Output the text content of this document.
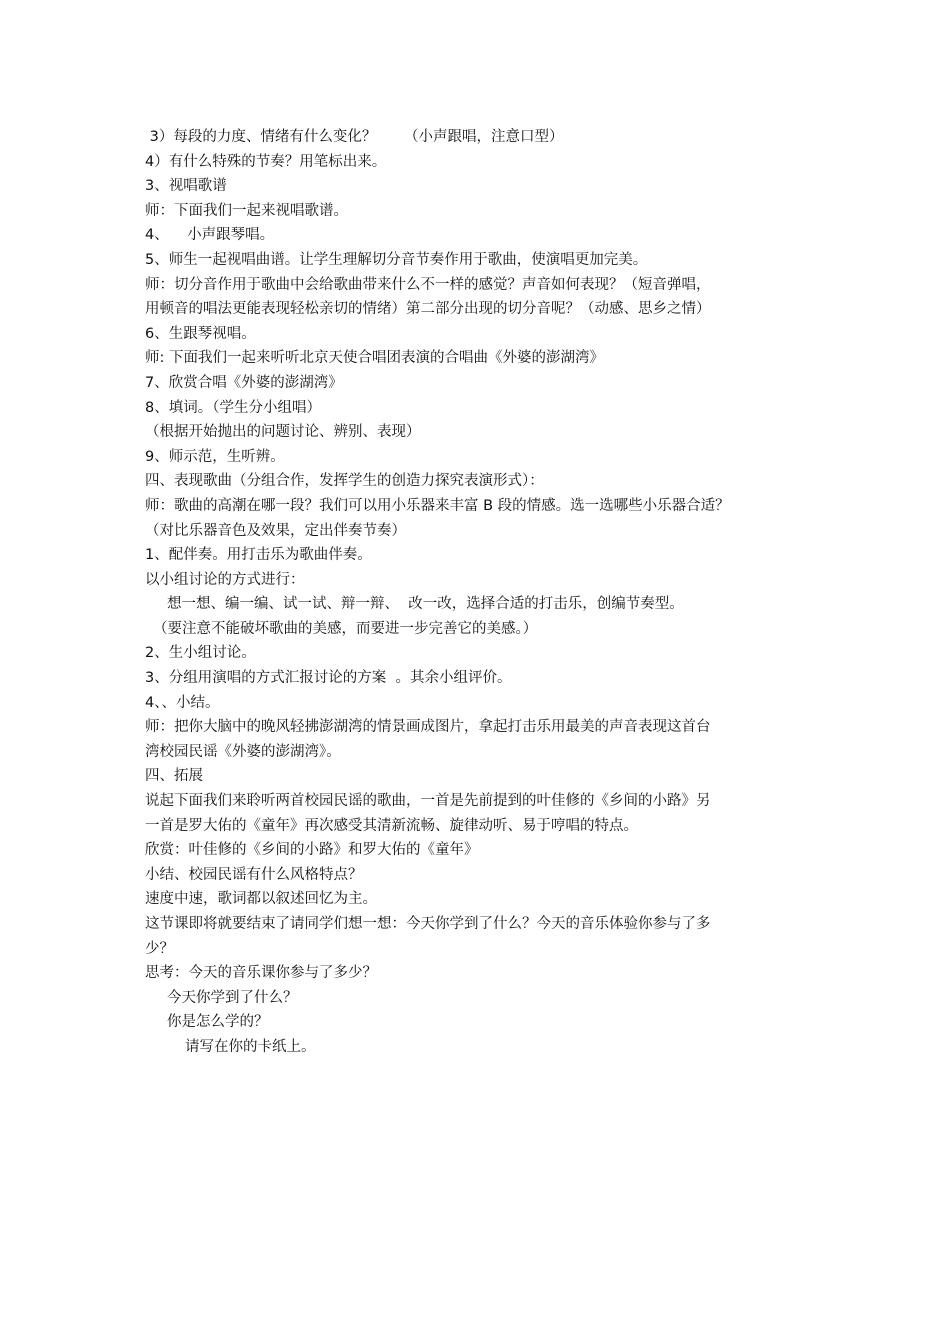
3）每段的力度、情绪有什么变化？      （小声跟唱，注意口型）

4）有什么特殊的节奏？用笔标出来。

3、视唱歌谱

师：下面我们一起来视唱歌谱。

4、    小声跟琴唱。

5、师生一起视唱曲谱。让学生理解切分音节奏作用于歌曲，使演唱更加完美。

师：切分音作用于歌曲中会给歌曲带来什么不一样的感觉？声音如何表现？（短音弹唱，

用顿音的唱法更能表现轻松亲切的情绪）第二部分出现的切分音呢？（动感、思乡之情）

6、生跟琴视唱。

师: 下面我们一起来听听北京天使合唱团表演的合唱曲《外婆的澎湖湾》

7、欣赏合唱《外婆的澎湖湾》

8、填词。（学生分小组唱）

（根据开始抛出的问题讨论、辨别、表现）

9、师示范，生听辨。

四、表现歌曲（分组合作，发挥学生的创造力探究表演形式）：

师：歌曲的高潮在哪一段？我们可以用小乐器来丰富 B 段的情感。选一选哪些小乐器合适？

（对比乐器音色及效果，定出伴奏节奏）

1、配伴奏。用打击乐为歌曲伴奏。

以小组讨论的方式进行：

想一想、编一编、试一试、辩一辩、  改一改，选择合适的打击乐，创编节奏型。

（要注意不能破坏歌曲的美感，而要进一步完善它的美感。）

2、生小组讨论。

3、分组用演唱的方式汇报讨论的方案  。其余小组评价。

4、、小结。

师：把你大脑中的晚风轻拂澎湖湾的情景画成图片，拿起打击乐用最美的声音表现这首台

湾校园民谣《外婆的澎湖湾》。

四、拓展

说起下面我们来聆听两首校园民谣的歌曲，一首是先前提到的叶佳修的《乡间的小路》另

一首是罗大佑的《童年》再次感受其清新流畅、旋律动听、易于哼唱的特点。

欣赏：叶佳修的《乡间的小路》和罗大佑的《童年》

小结、校园民谣有什么风格特点？

速度中速，歌词都以叙述回忆为主。

这节课即将就要结束了请同学们想一想：今天你学到了什么？今天的音乐体验你参与了多

少？

思考：今天的音乐课你参与了多少？

今天你学到了什么？

你是怎么学的？

请写在你的卡纸上。
